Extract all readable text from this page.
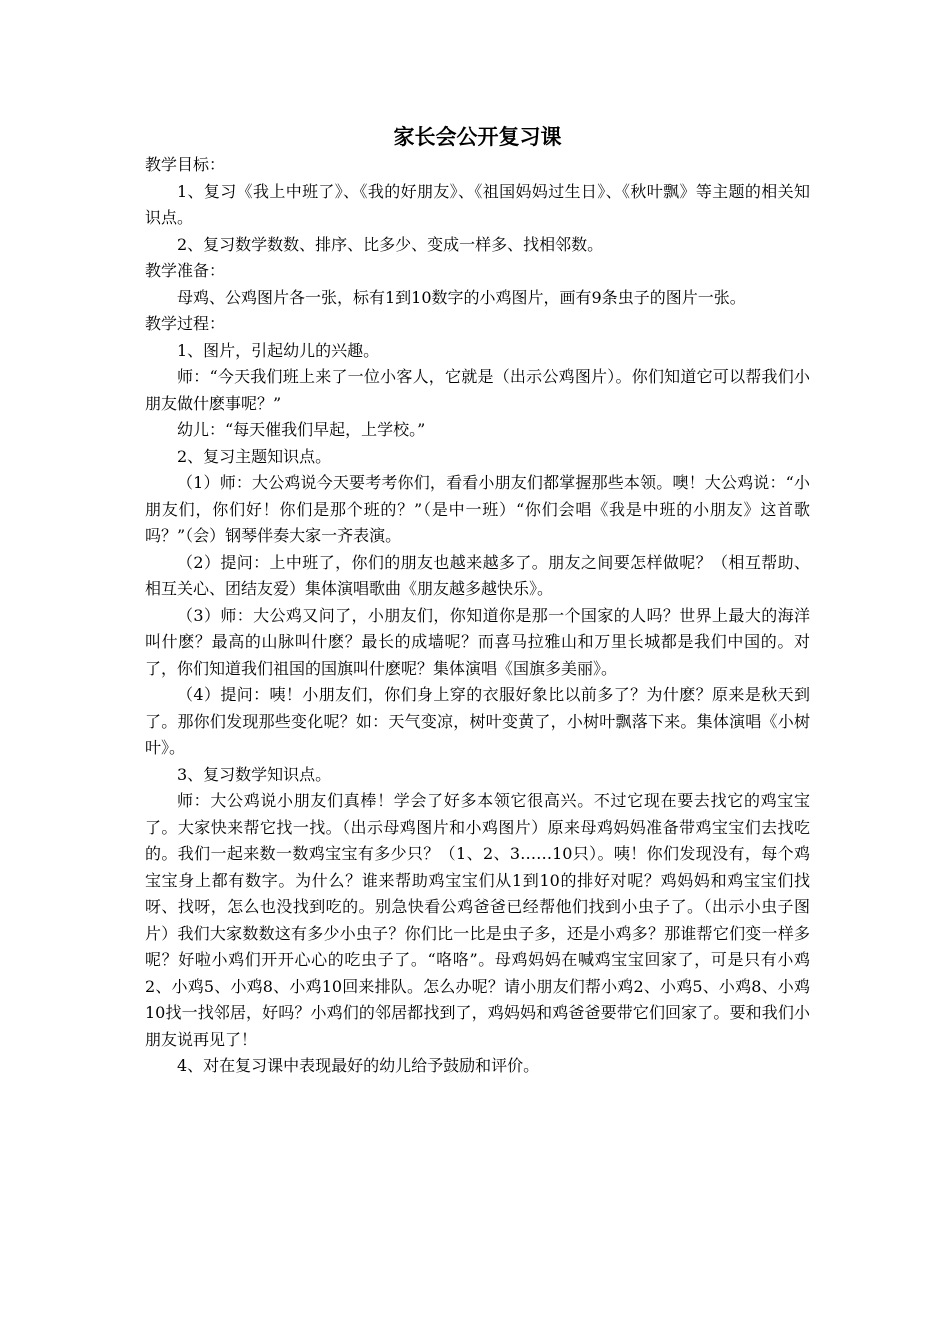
家长会公开复习课

教学目标：

1、复习《我上中班了》、《我的好朋友》、《祖国妈妈过生日》、《秋叶飘》等主题的相关知识点。

2、复习数学数数、排序、比多少、变成一样多、找相邻数。

教学准备：

母鸡、公鸡图片各一张，标有1到10数字的小鸡图片，画有9条虫子的图片一张。

教学过程：

1、图片，引起幼儿的兴趣。

师：“今天我们班上来了一位小客人，它就是（出示公鸡图片）。你们知道它可以帮我们小朋友做什麽事呢？”

幼儿：“每天催我们早起，上学校。”

2、复习主题知识点。

（1）师：大公鸡说今天要考考你们，看看小朋友们都掌握那些本领。噢！大公鸡说：“小朋友们，你们好！你们是那个班的？”（是中一班）“你们会唱《我是中班的小朋友》这首歌吗？”（会）钢琴伴奏大家一齐表演。

（2）提问：上中班了，你们的朋友也越来越多了。朋友之间要怎样做呢？（相互帮助、相互关心、团结友爱）集体演唱歌曲《朋友越多越快乐》。

（3）师：大公鸡又问了，小朋友们，你知道你是那一个国家的人吗？世界上最大的海洋叫什麽？最高的山脉叫什麽？最长的成墙呢？而喜马拉雅山和万里长城都是我们中国的。对了，你们知道我们祖国的国旗叫什麽呢？集体演唱《国旗多美丽》。

（4）提问：咦！小朋友们，你们身上穿的衣服好象比以前多了？为什麽？原来是秋天到了。那你们发现那些变化呢？如：天气变凉，树叶变黄了，小树叶飘落下来。集体演唱《小树叶》。

3、复习数学知识点。

师：大公鸡说小朋友们真棒！学会了好多本领它很高兴。不过它现在要去找它的鸡宝宝了。大家快来帮它找一找。（出示母鸡图片和小鸡图片）原来母鸡妈妈准备带鸡宝宝们去找吃的。我们一起来数一数鸡宝宝有多少只？（1、2、3……10只）。咦！你们发现没有，每个鸡宝宝身上都有数字。为什么？谁来帮助鸡宝宝们从1到10的排好对呢？鸡妈妈和鸡宝宝们找呀、找呀，怎么也没找到吃的。别急快看公鸡爸爸已经帮他们找到小虫子了。（出示小虫子图片）我们大家数数这有多少小虫子？你们比一比是虫子多，还是小鸡多？那谁帮它们变一样多呢？好啦小鸡们开开心心的吃虫子了。“咯咯”。母鸡妈妈在喊鸡宝宝回家了，可是只有小鸡2、小鸡5、小鸡8、小鸡10回来排队。怎么办呢？请小朋友们帮小鸡2、小鸡5、小鸡8、小鸡10找一找邻居，好吗？小鸡们的邻居都找到了，鸡妈妈和鸡爸爸要带它们回家了。要和我们小朋友说再见了！

4、对在复习课中表现最好的幼儿给予鼓励和评价。
